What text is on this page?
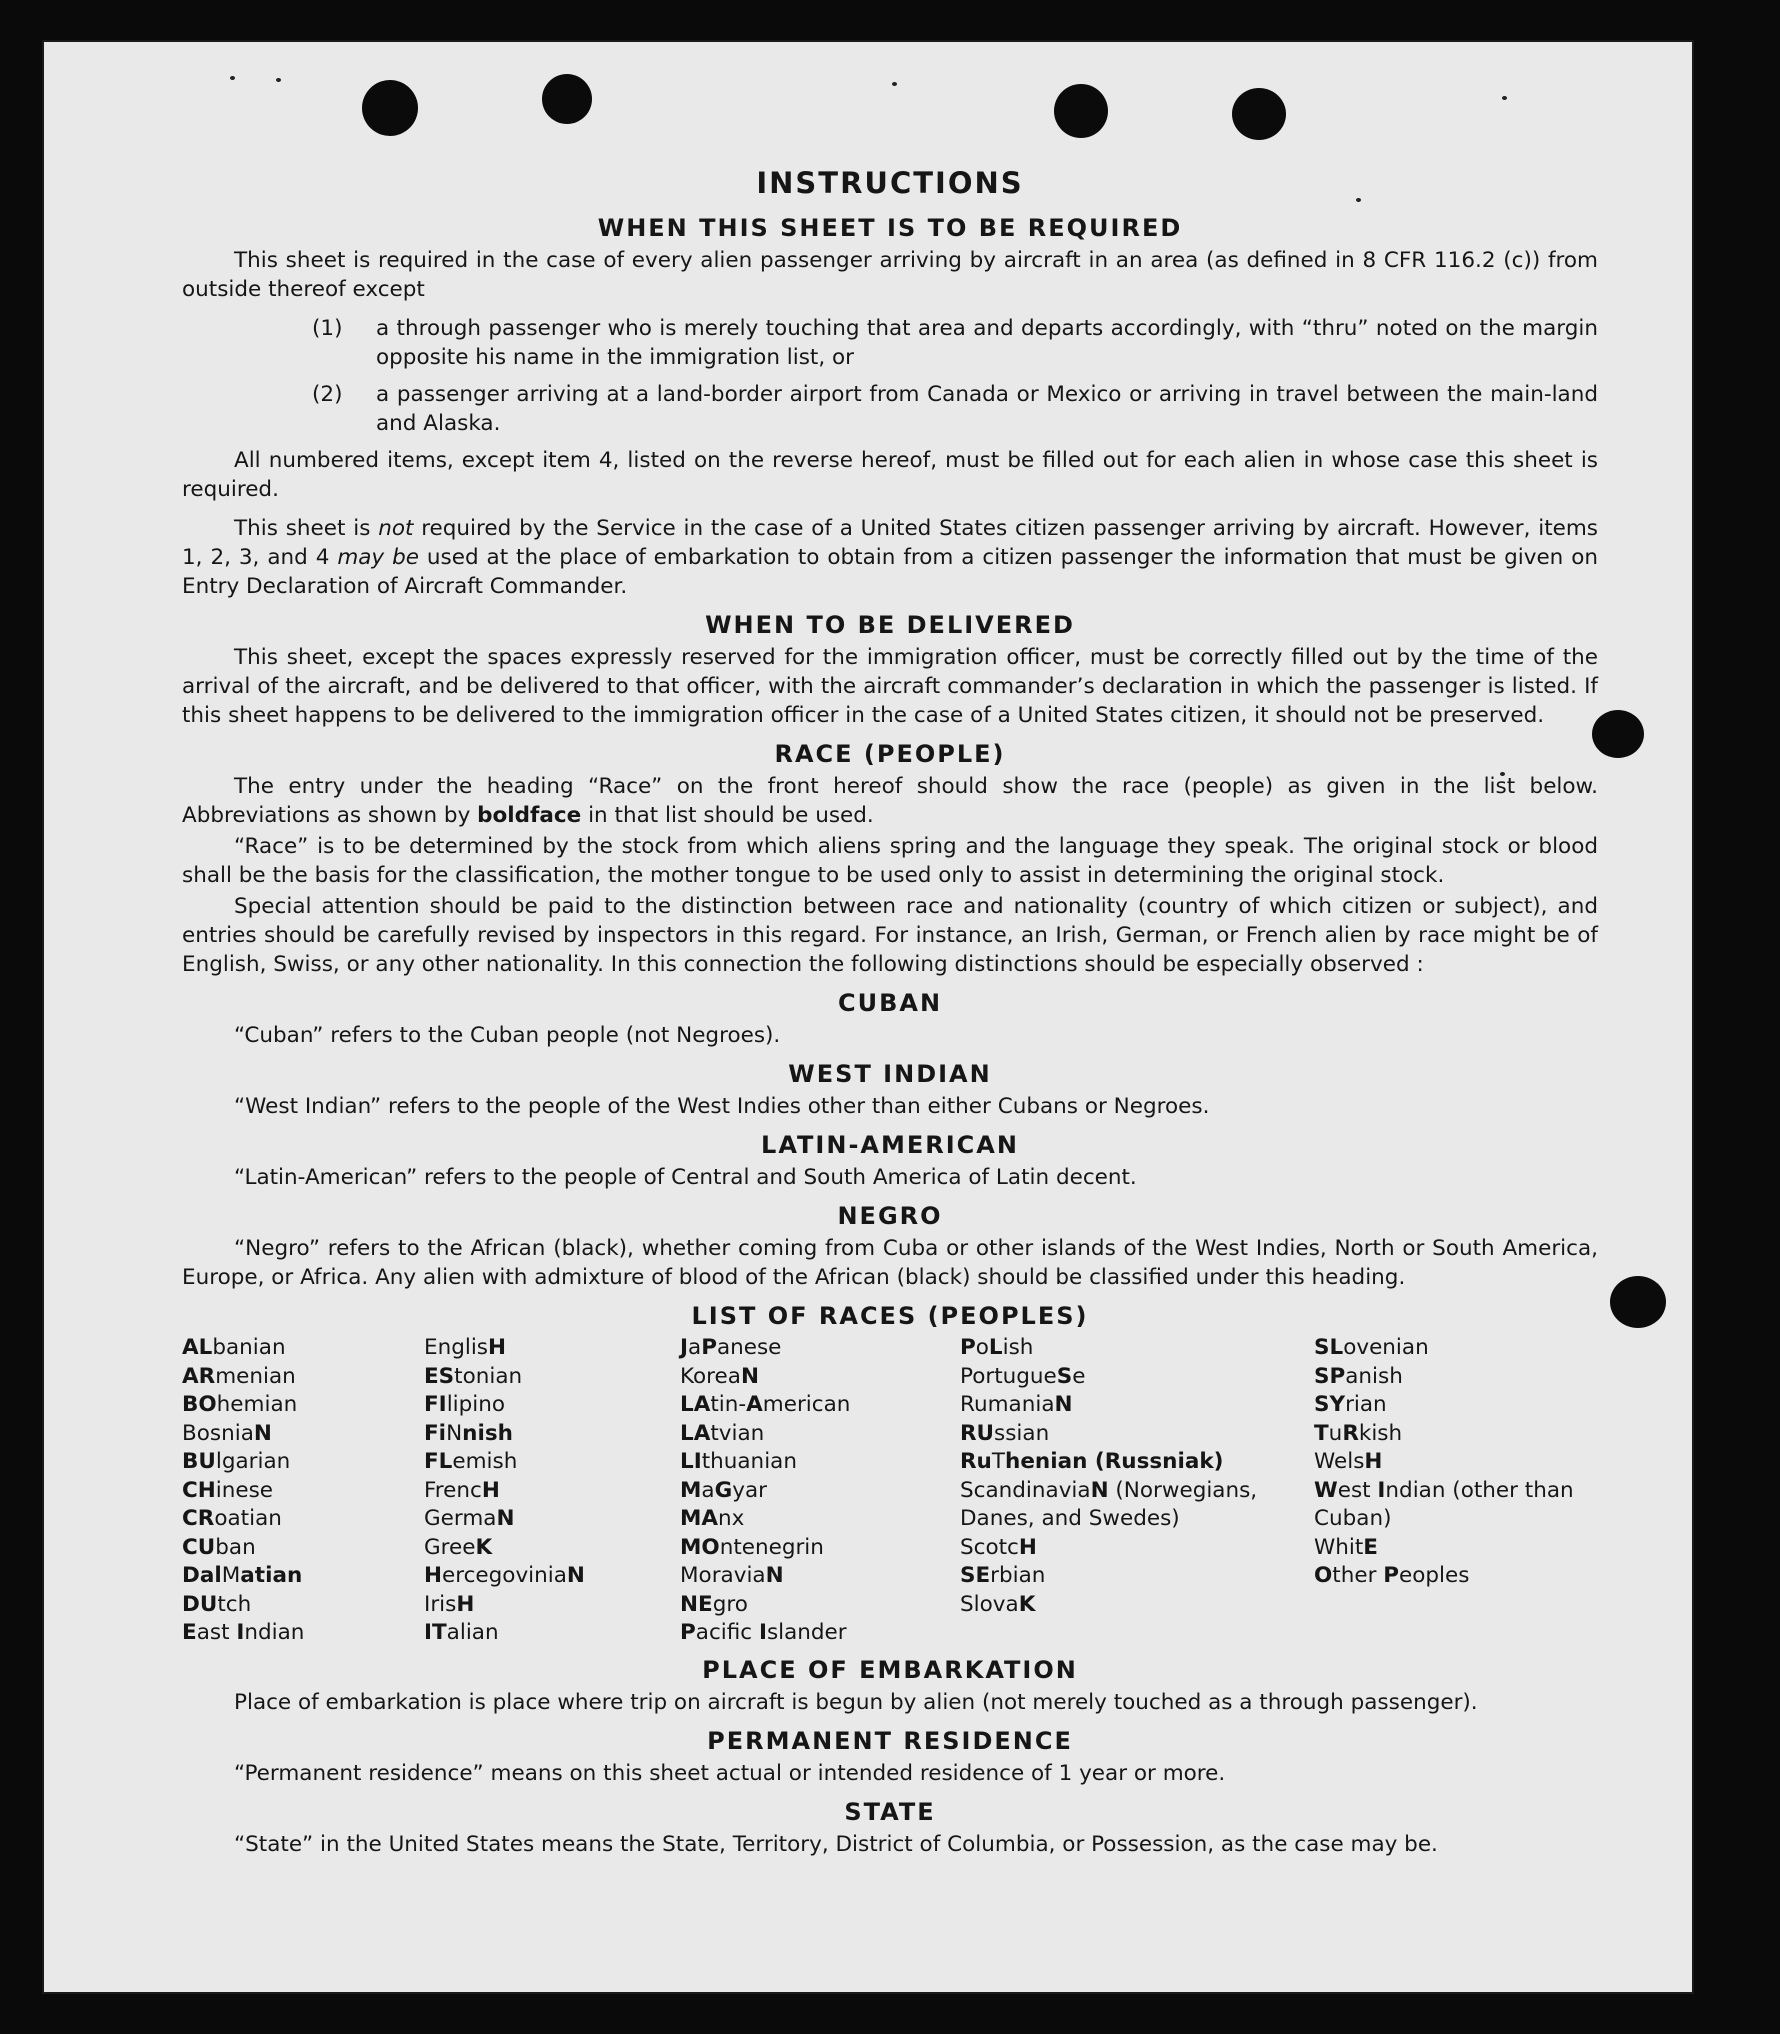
INSTRUCTIONS
WHEN THIS SHEET IS TO BE REQUIRED

This sheet is required in the case of every alien passenger arriving by aircraft in an area (as defined in 8 CFR 116.2 (c)) from outside thereof except

(1)	a through passenger who is merely touching that area and departs accordingly, with “thru” noted on the margin opposite his name in the immigration list, or
(2)	a passenger arriving at a land-border airport from Canada or Mexico or arriving in travel between the main-land and Alaska.

All numbered items, except item 4, listed on the reverse hereof, must be filled out for each alien in whose case this sheet is required.

This sheet is not required by the Service in the case of a United States citizen passenger arriving by aircraft. However, items 1, 2, 3, and 4 may be used at the place of embarkation to obtain from a citizen passenger the information that must be given on Entry Declaration of Aircraft Commander.

WHEN TO BE DELIVERED

This sheet, except the spaces expressly reserved for the immigration officer, must be correctly filled out by the time of the arrival of the aircraft, and be delivered to that officer, with the aircraft commander’s declaration in which the passenger is listed. If this sheet happens to be delivered to the immigration officer in the case of a United States citizen, it should not be preserved.

RACE (PEOPLE)

The entry under the heading “Race” on the front hereof should show the race (people) as given in the list below. Abbreviations as shown by boldface in that list should be used.

“Race” is to be determined by the stock from which aliens spring and the language they speak. The original stock or blood shall be the basis for the classification, the mother tongue to be used only to assist in determining the original stock.

Special attention should be paid to the distinction between race and nationality (country of which citizen or subject), and entries should be carefully revised by inspectors in this regard. For instance, an Irish, German, or French alien by race might be of English, Swiss, or any other nationality. In this connection the following distinctions should be especially observed :

CUBAN

“Cuban” refers to the Cuban people (not Negroes).

WEST INDIAN

“West Indian” refers to the people of the West Indies other than either Cubans or Negroes.

LATIN-AMERICAN

“Latin-American” refers to the people of Central and South America of Latin decent.

NEGRO

“Negro” refers to the African (black), whether coming from Cuba or other islands of the West Indies, North or South America, Europe, or Africa. Any alien with admixture of blood of the African (black) should be classified under this heading.

LIST OF RACES (PEOPLES)
ALbanian
ARmenian
BOhemian
BosniaN
BUlgarian
CHinese
CRoatian
CUban
DalMatian
DUtch
East Indian
EnglisH
EStonian
FIlipino
FiNnish
FLemish
FrencH
GermaN
GreeK
HercegoviniaN
IrisH
ITalian
JaPanese
KoreaN
LAtin-American
LAtvian
LIthuanian
MaGyar
MAnx
MOntenegrin
MoraviaN
NEgro
Pacific Islander
PoLish
PortugueSe
RumaniaN
RUssian
RuThenian (Russniak)
ScandinaviaN (Norwegians, Danes, and Swedes)
ScotcH
SErbian
SlovaK
SLovenian
SPanish
SYrian
TuRkish
WelsH
West Indian (other than Cuban)
WhitE
Other Peoples
PLACE OF EMBARKATION

Place of embarkation is place where trip on aircraft is begun by alien (not merely touched as a through passenger).

PERMANENT RESIDENCE

“Permanent residence” means on this sheet actual or intended residence of 1 year or more.

STATE

“State” in the United States means the State, Territory, District of Columbia, or Possession, as the case may be.
